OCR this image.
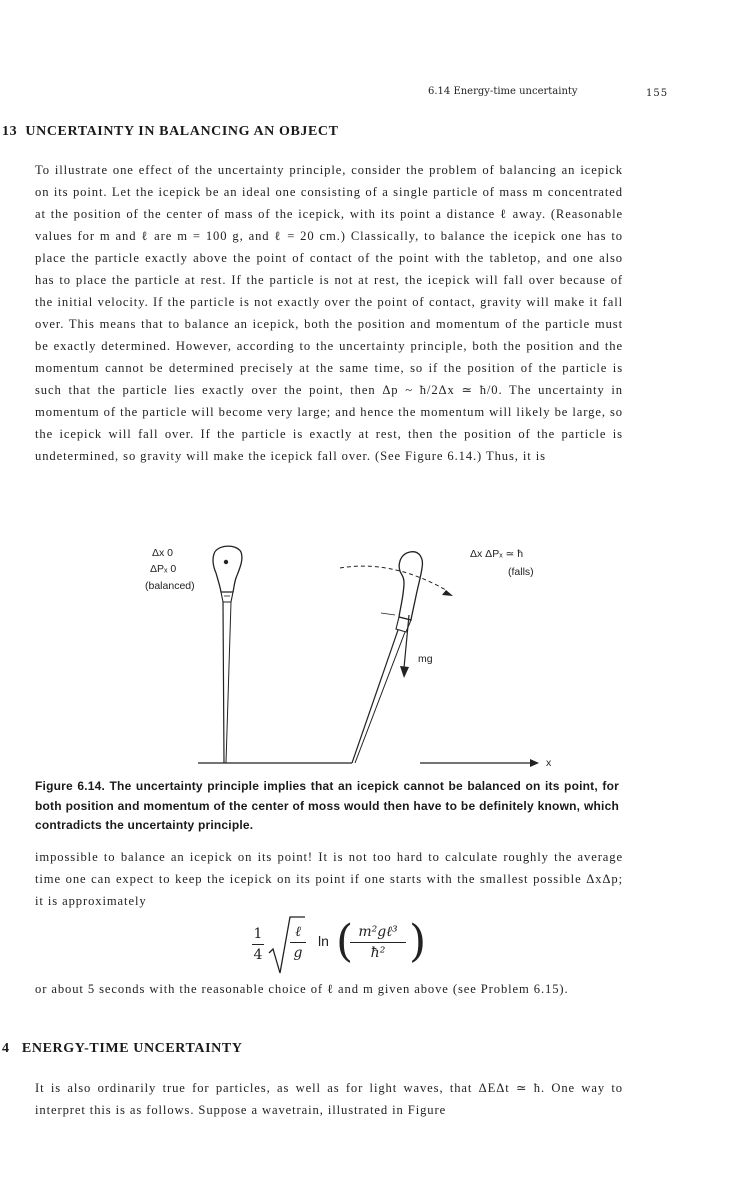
6.14 Energy-time uncertainty	155
13 UNCERTAINTY IN BALANCING AN OBJECT

To illustrate one effect of the uncertainty principle, consider the problem of balancing an icepick on its point. Let the icepick be an ideal one consisting of a single particle of mass m concentrated at the position of the center of mass of the icepick, with its point a distance ℓ away. (Reasonable values for m and ℓ are m = 100 g, and ℓ = 20 cm.) Classically, to balance the icepick one has to place the particle exactly above the point of contact of the point with the tabletop, and one also has to place the particle at rest. If the particle is not at rest, the icepick will fall over because of the initial velocity. If the particle is not exactly over the point of contact, gravity will make it fall over. This means that to balance an icepick, both the position and momentum of the particle must be exactly determined. However, according to the uncertainty principle, both the position and the momentum cannot be determined precisely at the same time, so if the position of the particle is such that the particle lies exactly over the point, then Δp ~ ħ/2Δx ≃ ħ/0. The uncertainty in momentum of the particle will become very large; and hence the momentum will likely be large, so the icepick will fall over. If the particle is exactly at rest, then the position of the particle is undetermined, so gravity will make the icepick fall over. (See Figure 6.14.) Thus, it is

Δx 0
ΔPₓ 0
(balanced)
Δx ΔPₓ ≃ ħ
(falls)
mg
x
Figure 6.14. The uncertainty principle implies that an icepick cannot be balanced on its point, for both position and momentum of the center of moss would then have to be definitely known, which contradicts the uncertainty principle.

impossible to balance an icepick on its point! It is not too hard to calculate roughly the average time one can expect to keep the icepick on its point if one starts with the smallest possible ΔxΔp; it is approximately

1
4
ℓ
g
ln ( m²gℓ³
ħ² )

or about 5 seconds with the reasonable choice of ℓ and m given above (see Problem 6.15).

4 ENERGY-TIME UNCERTAINTY

It is also ordinarily true for particles, as well as for light waves, that ΔEΔt ≃ ħ. One way to interpret this is as follows. Suppose a wavetrain, illustrated in Figure
